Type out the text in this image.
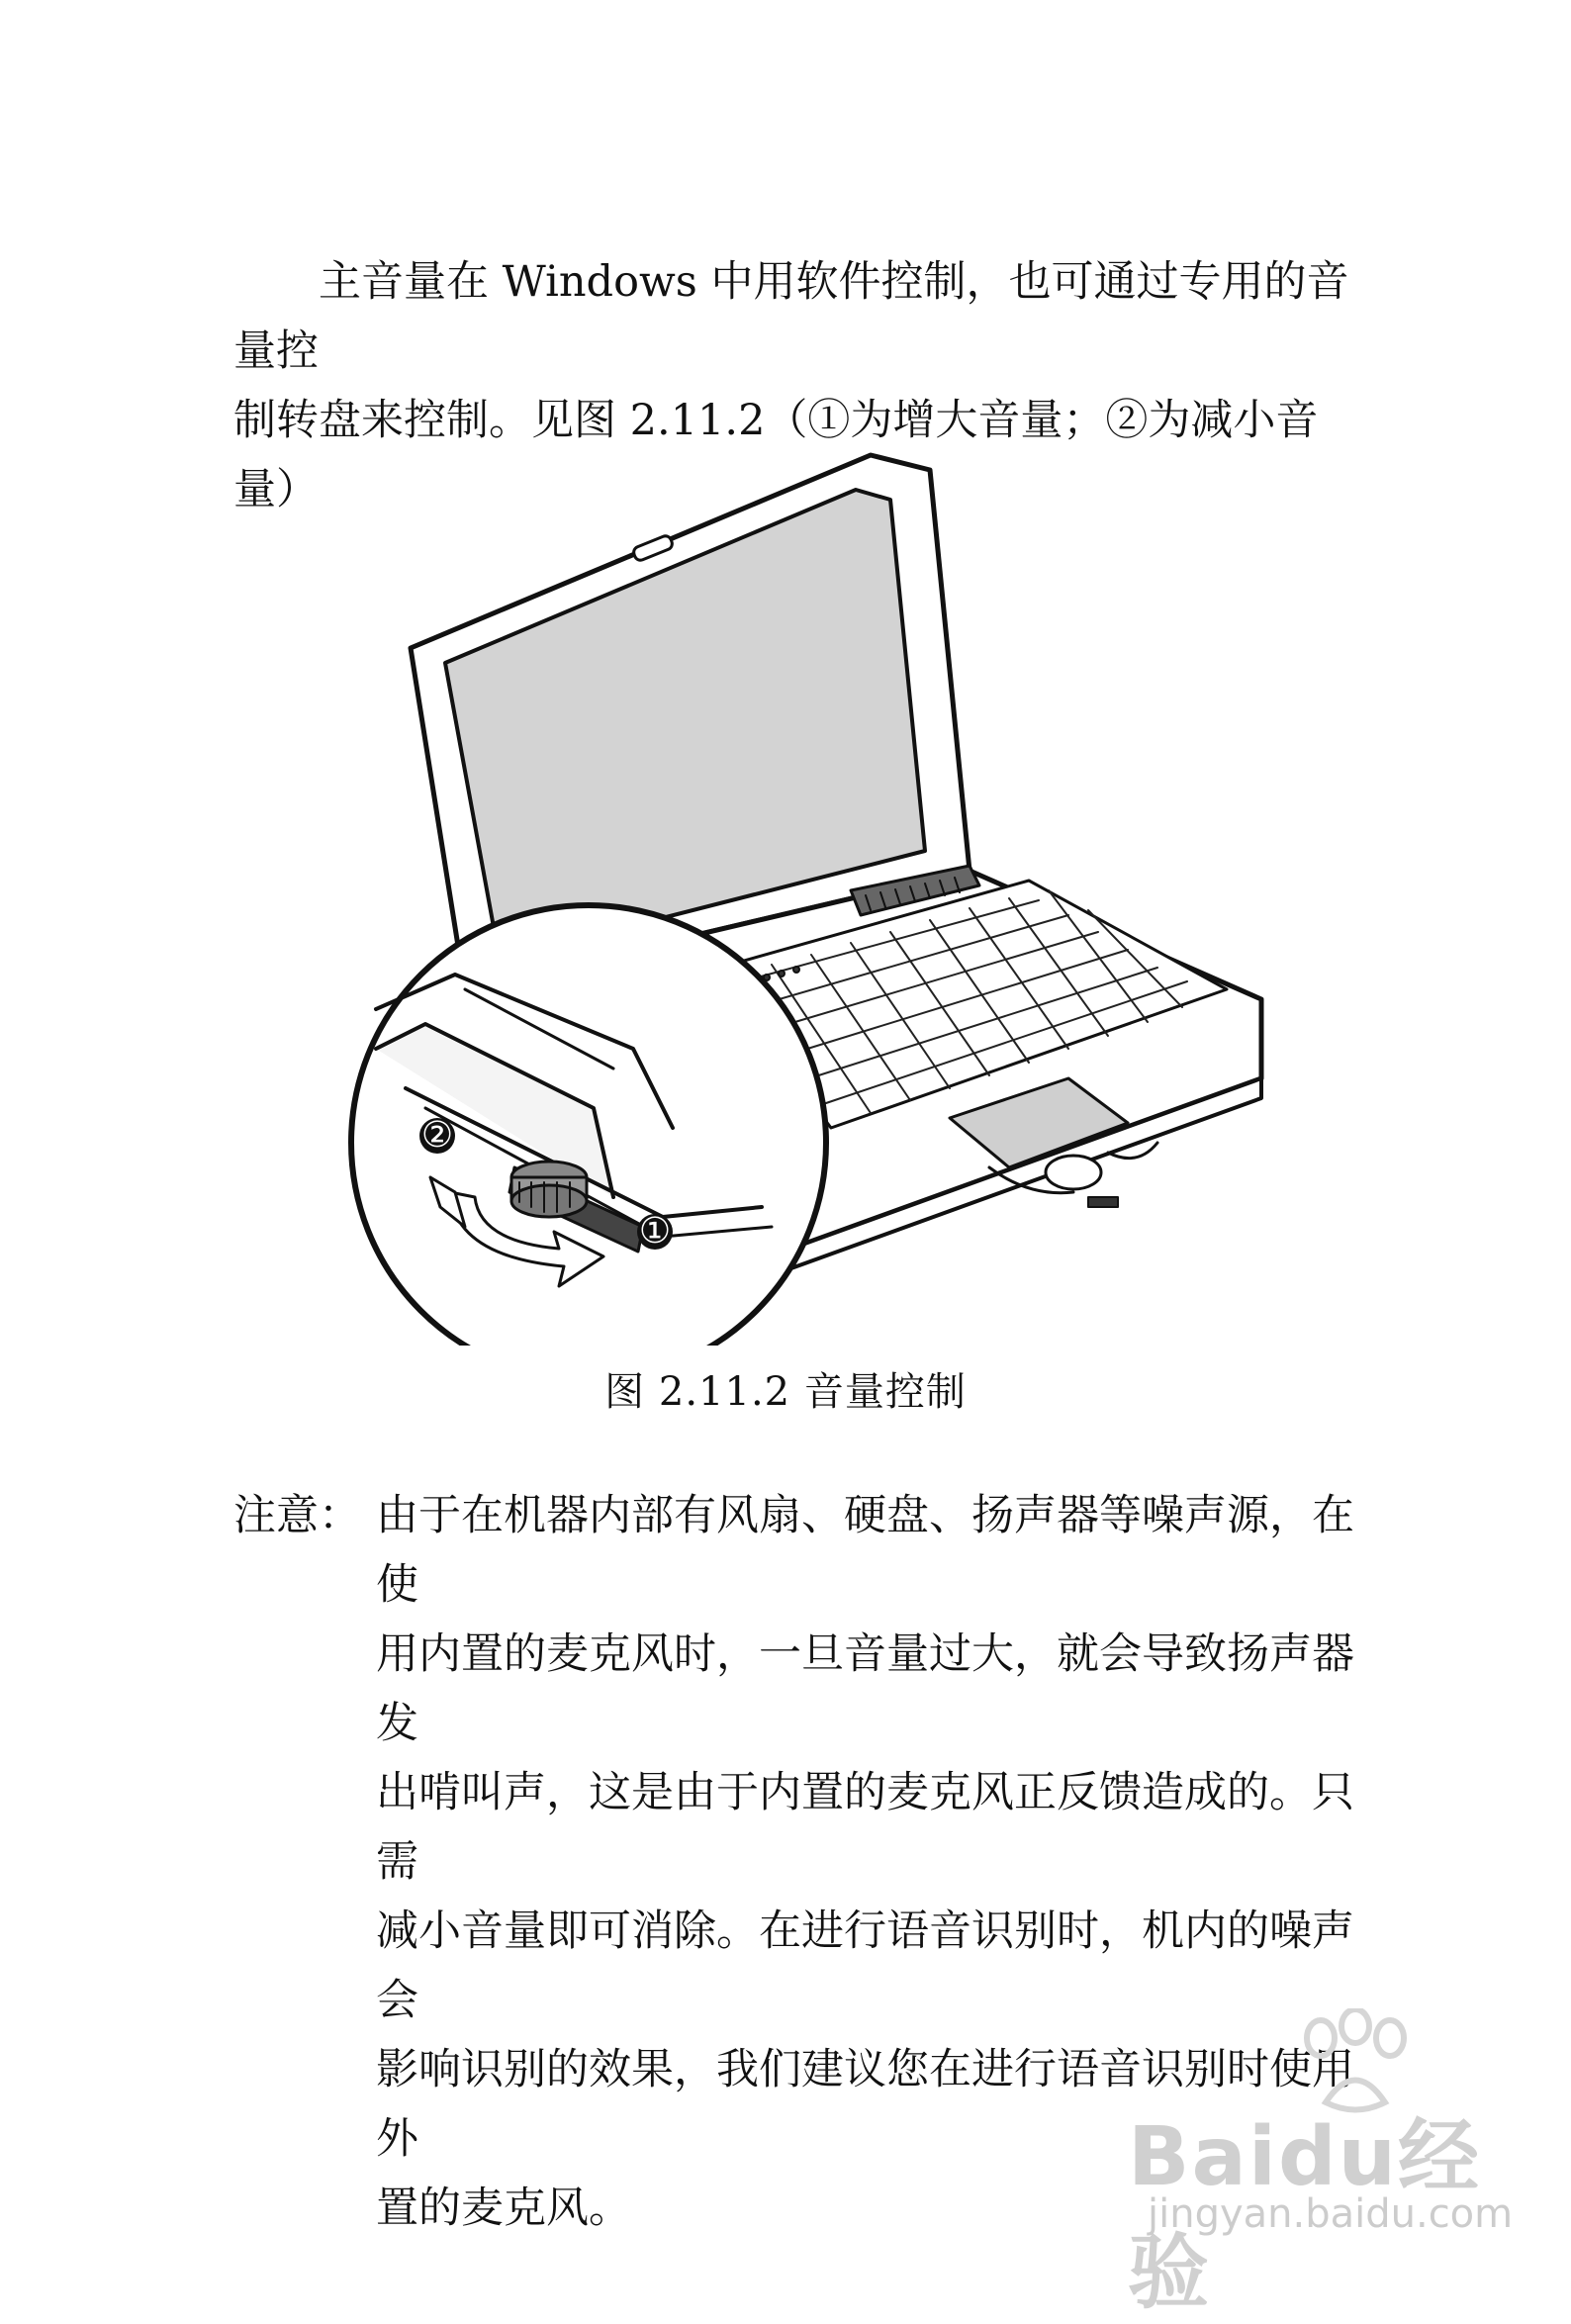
主音量在 Windows 中用软件控制，也可通过专用的音量控
制转盘来控制。见图 2.11.2（①为增大音量；②为减小音量）

②
①
图 2.11.2 音量控制
注意： 由于在机器内部有风扇、硬盘、扬声器等噪声源，在使
用内置的麦克风时，一旦音量过大，就会导致扬声器发
出啃叫声，这是由于内置的麦克风正反馈造成的。只需
减小音量即可消除。在进行语音识别时，机内的噪声会
影响识别的效果，我们建议您在进行语音识别时使用外
置的麦克风。

Baidu经验
jingyan.baidu.com
